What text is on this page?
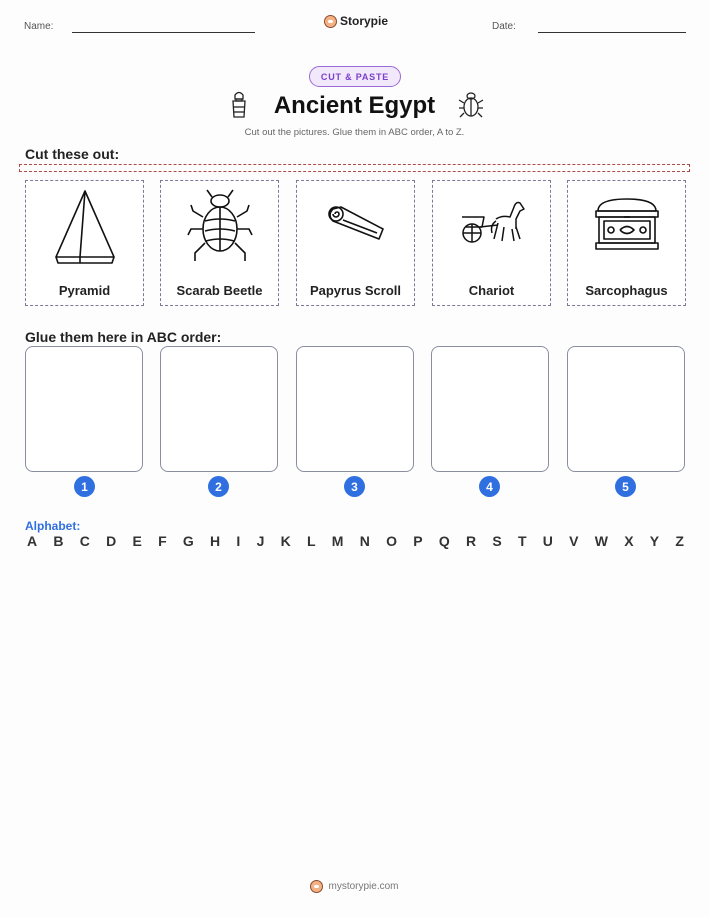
Name:	Storypie	Date:
CUT & PASTE
Ancient Egypt
Cut out the pictures. Glue them in ABC order, A to Z.
Cut these out:
Pyramid	Scarab Beetle	Papyrus Scroll	Chariot	Sarcophagus
Glue them here in ABC order:
1	2	3	4	5
Alphabet:
A B C D E F G H I J K L M N O P Q R S T U V W X Y Z
mystorypie.com
